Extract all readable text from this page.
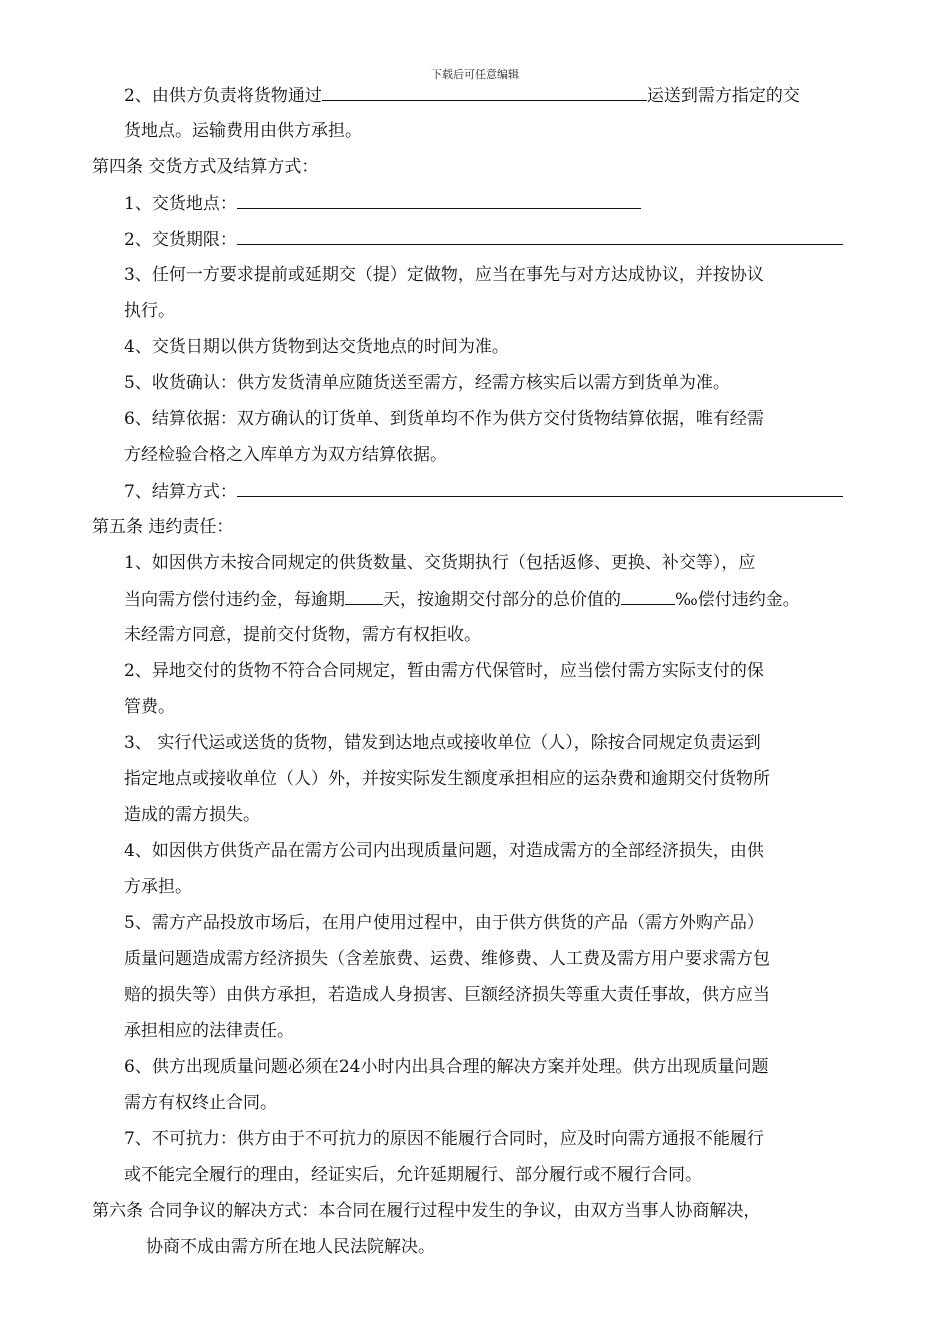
下载后可任意编辑
2、由供方负责将货物通过	运送到需方指定的交
货地点。运输费用由供方承担。
第四条 交货方式及结算方式：
1、交货地点：
2、交货期限：
3、任何一方要求提前或延期交（提）定做物，应当在事先与对方达成协议，并按协议
执行。
4、交货日期以供方货物到达交货地点的时间为准。
5、收货确认：供方发货清单应随货送至需方，经需方核实后以需方到货单为准。
6、结算依据：双方确认的订货单、到货单均不作为供方交付货物结算依据，唯有经需
方经检验合格之入库单方为双方结算依据。
7、结算方式：
第五条 违约责任：
1、如因供方未按合同规定的供货数量、交货期执行（包括返修、更换、补交等），应
当向需方偿付违约金，每逾期 天，按逾期交付部分的总价值的	‰偿付违约金。
未经需方同意，提前交付货物，需方有权拒收。
2、异地交付的货物不符合合同规定，暂由需方代保管时，应当偿付需方实际支付的保
管费。
3、 实行代运或送货的货物，错发到达地点或接收单位（人），除按合同规定负责运到
指定地点或接收单位（人）外，并按实际发生额度承担相应的运杂费和逾期交付货物所
造成的需方损失。
4、如因供方供货产品在需方公司内出现质量问题，对造成需方的全部经济损失，由供
方承担。
5、需方产品投放市场后，在用户使用过程中，由于供方供货的产品（需方外购产品）
质量问题造成需方经济损失（含差旅费、运费、维修费、人工费及需方用户要求需方包
赔的损失等）由供方承担，若造成人身损害、巨额经济损失等重大责任事故，供方应当
承担相应的法律责任。
6、供方出现质量问题必须在24小时内出具合理的解决方案并处理。供方出现质量问题
需方有权终止合同。
7、不可抗力：供方由于不可抗力的原因不能履行合同时，应及时向需方通报不能履行
或不能完全履行的理由，经证实后，允许延期履行、部分履行或不履行合同。
第六条 合同争议的解决方式：本合同在履行过程中发生的争议，由双方当事人协商解决，
协商不成由需方所在地人民法院解决。
